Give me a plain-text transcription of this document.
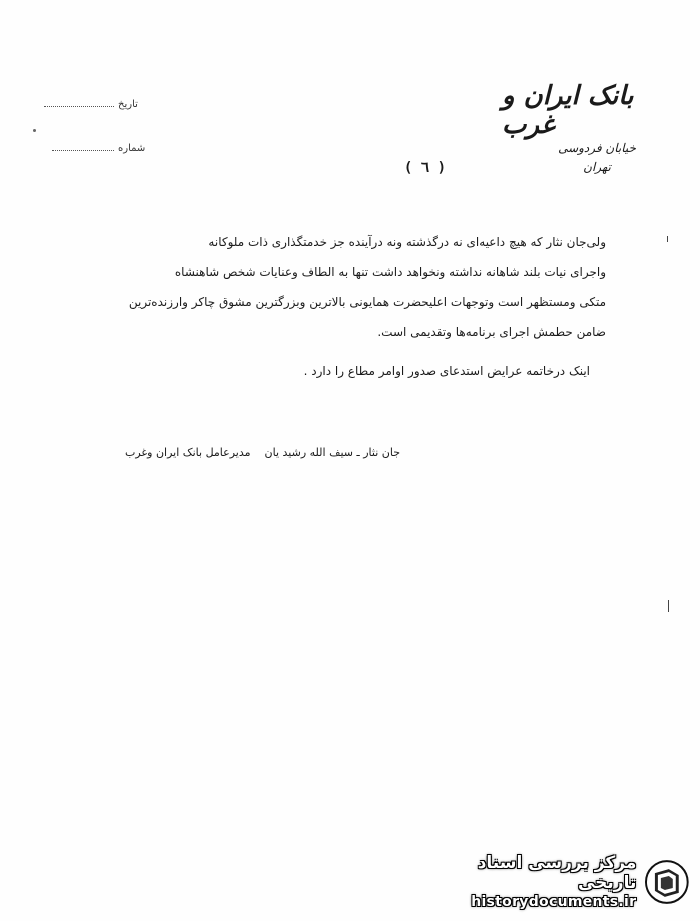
بانک ایران و غرب
خیابان فردوسی
تهران
تاریخ
شماره
( ٦ )
ولی‌جان نثار که هیچ داعیه‌ای نه درگذشته ونه درآینده جز خدمتگذاری ذات ملوکانه
واجرای نیات بلند شاهانه نداشته ونخواهد داشت تنها به الطاف وعنایات شخص شاهنشاه
متکی ومستظهر است وتوجهات اعلیحضرت همایونی بالاترین وبزرگترین مشوق چاکر وارزنده‌ترین
ضامن حطمش اجرای برنامه‌ها وتقدیمی است.
اینک درخاتمه عرایض استدعای صدور اوامر مطاع را دارد .
جان نثار ـ سیف الله رشید یانمدیرعامل بانک ایران وغرب
مرکز بررسی اسناد تاریخی
historydocuments.ir
